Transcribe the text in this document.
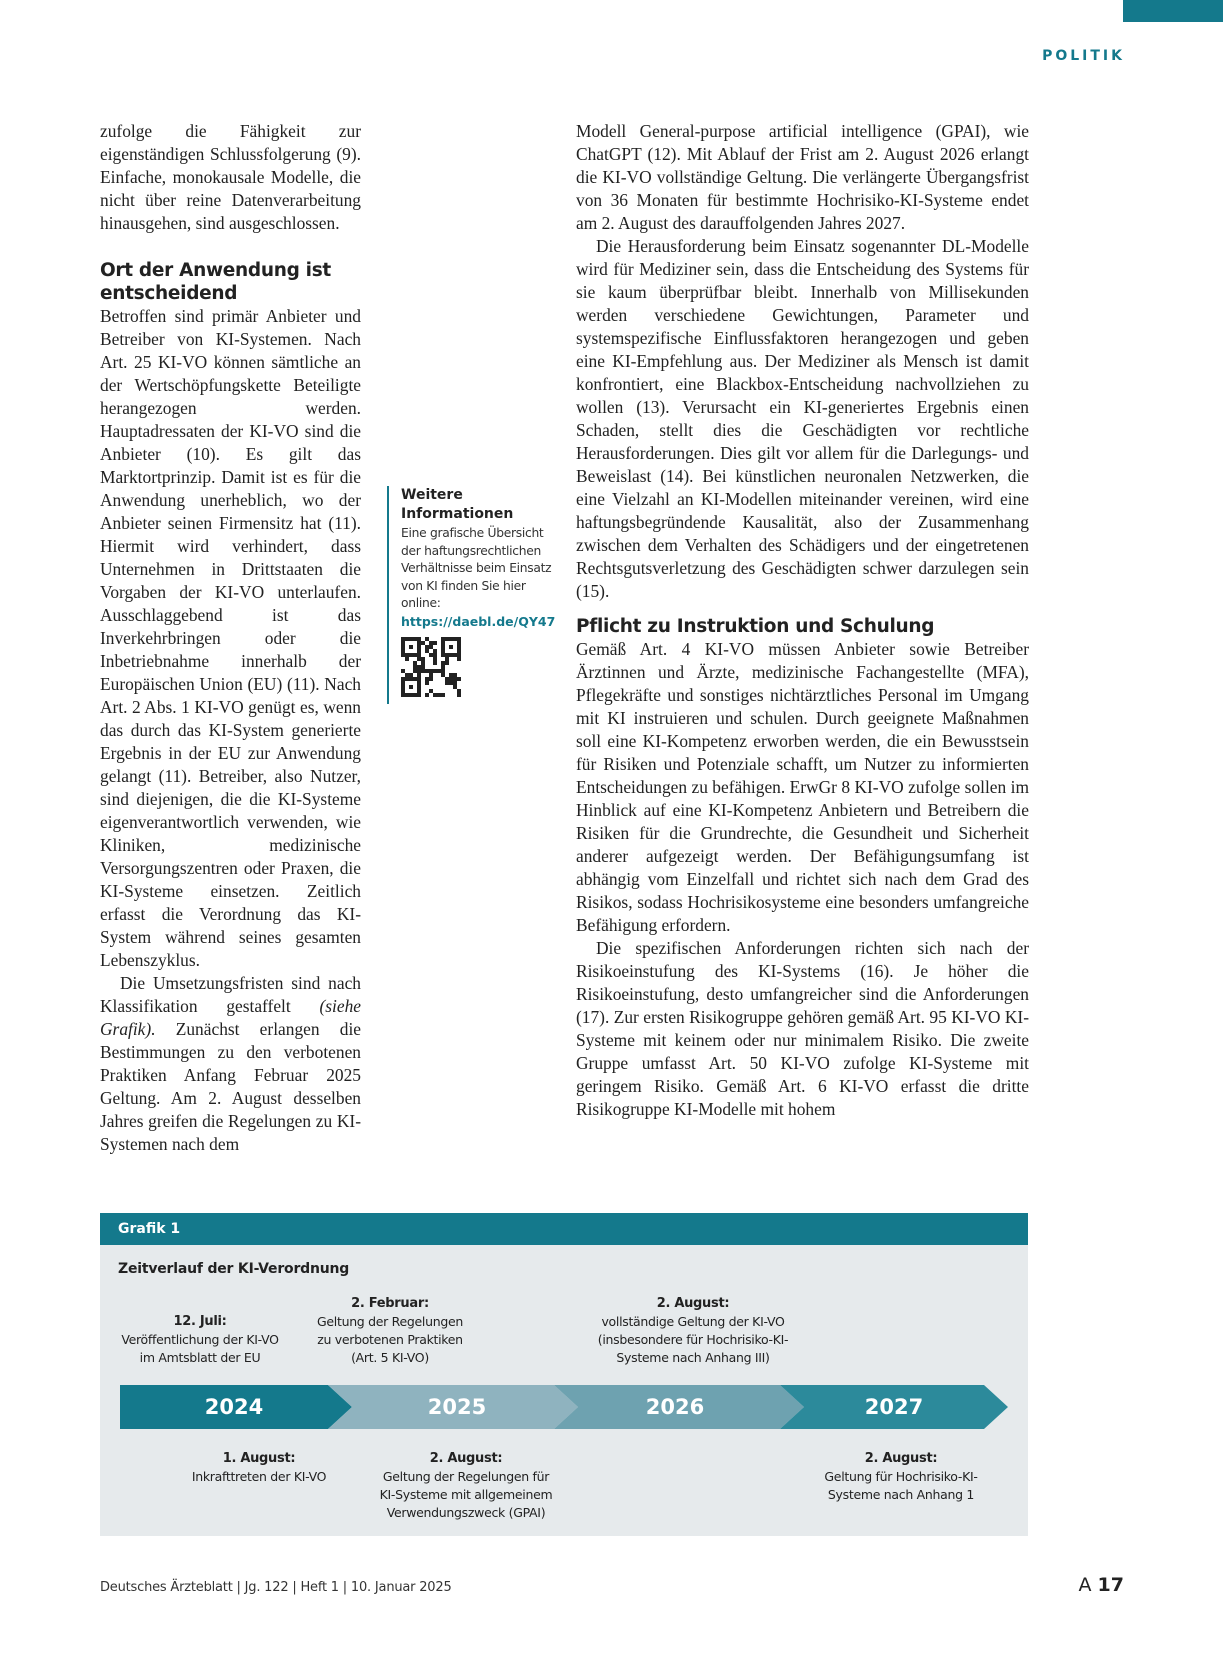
POLITIK

zufolge die Fähigkeit zur eigenständigen Schlussfolgerung (9). Einfache, monokausale Modelle, die nicht über reine Datenverarbeitung hinausgehen, sind ausgeschlossen.

Ort der Anwendung ist entscheidend

Betroffen sind primär Anbieter und Betreiber von KI-Systemen. Nach Art. 25 KI-VO können sämtliche an der Wertschöpfungskette Beteiligte herangezogen werden. Hauptadressaten der KI-VO sind die Anbieter (10). Es gilt das Marktortprinzip. Damit ist es für die Anwendung unerheblich, wo der Anbieter seinen Firmensitz hat (11). Hiermit wird verhindert, dass Unternehmen in Drittstaaten die Vorgaben der KI-VO unterlaufen. Ausschlaggebend ist das Inverkehrbringen oder die Inbetriebnahme innerhalb der Europäischen Union (EU) (11). Nach Art. 2 Abs. 1 KI-VO genügt es, wenn das durch das KI-System generierte Ergebnis in der EU zur Anwendung gelangt (11). Betreiber, also Nutzer, sind diejenigen, die die KI-Systeme eigenverantwortlich verwenden, wie Kliniken, medizinische Versorgungszentren oder Praxen, die KI-Systeme einsetzen. Zeitlich erfasst die Verordnung das KI-System während seines gesamten Lebenszyklus.

Die Umsetzungsfristen sind nach Klassifikation gestaffelt (siehe Grafik). Zunächst erlangen die Bestimmungen zu den verbotenen Praktiken Anfang Februar 2025 Geltung. Am 2. August desselben Jahres greifen die Regelungen zu KI-Systemen nach dem

Weitere Informationen
Eine grafische Übersicht der haftungsrechtlichen Verhältnisse beim Einsatz von KI finden Sie hier online:
https://daebl.de/QY47

Modell General-purpose artificial intelligence (GPAI), wie ChatGPT (12). Mit Ablauf der Frist am 2. August 2026 erlangt die KI-VO vollständige Geltung. Die verlängerte Übergangsfrist von 36 Monaten für bestimmte Hochrisiko-KI-Systeme endet am 2. August des darauffolgenden Jahres 2027.

Die Herausforderung beim Einsatz sogenannter DL-Modelle wird für Mediziner sein, dass die Entscheidung des Systems für sie kaum überprüfbar bleibt. Innerhalb von Millisekunden werden verschiedene Gewichtungen, Parameter und systemspezifische Einflussfaktoren herangezogen und geben eine KI-Empfehlung aus. Der Mediziner als Mensch ist damit konfrontiert, eine Blackbox-Entscheidung nachvollziehen zu wollen (13). Verursacht ein KI-generiertes Ergebnis einen Schaden, stellt dies die Geschädigten vor rechtliche Herausforderungen. Dies gilt vor allem für die Darlegungs- und Beweislast (14). Bei künstlichen neuronalen Netzwerken, die eine Vielzahl an KI-Modellen miteinander vereinen, wird eine haftungsbegründende Kausalität, also der Zusammenhang zwischen dem Verhalten des Schädigers und der eingetretenen Rechtsgutsverletzung des Geschädigten schwer darzulegen sein (15).

Pflicht zu Instruktion und Schulung

Gemäß Art. 4 KI-VO müssen Anbieter sowie Betreiber Ärztinnen und Ärzte, medizinische Fachangestellte (MFA), Pflegekräfte und sonstiges nichtärztliches Personal im Umgang mit KI instruieren und schulen. Durch geeignete Maßnahmen soll eine KI-Kompetenz erworben werden, die ein Bewusstsein für Risiken und Potenziale schafft, um Nutzer zu informierten Entscheidungen zu befähigen. ErwGr 8 KI-VO zufolge sollen im Hinblick auf eine KI-Kompetenz Anbietern und Betreibern die Risiken für die Grundrechte, die Gesundheit und Sicherheit anderer aufgezeigt werden. Der Befähigungsumfang ist abhängig vom Einzelfall und richtet sich nach dem Grad des Risikos, sodass Hochrisikosysteme eine besonders umfangreiche Befähigung erfordern.

Die spezifischen Anforderungen richten sich nach der Risikoeinstufung des KI-Systems (16). Je höher die Risikoeinstufung, desto umfangreicher sind die Anforderungen (17). Zur ersten Risikogruppe gehören gemäß Art. 95 KI-VO KI-Systeme mit keinem oder nur minimalem Risiko. Die zweite Gruppe umfasst Art. 50 KI-VO zufolge KI-Systeme mit geringem Risiko. Gemäß Art. 6 KI-VO erfasst die dritte Risikogruppe KI-Modelle mit hohem

Grafik 1
Zeitverlauf der KI-Verordnung
12. Juli:
Veröffentlichung der KI-VO im Amtsblatt der EU
2. Februar:
Geltung der Regelungen zu verbotenen Praktiken (Art. 5 KI-VO)
2. August:
vollständige Geltung der KI-VO (insbesondere für Hochrisiko-KI-Systeme nach Anhang III)
2024	2025	2026	2027
1. August:
Inkrafttreten der KI-VO
2. August:
Geltung der Regelungen für KI-Systeme mit allgemeinem Verwendungszweck (GPAI)
2. August:
Geltung für Hochrisiko-KI-Systeme nach Anhang 1
Deutsches Ärzteblatt | Jg. 122 | Heft 1 | 10. Januar 2025	A 17
